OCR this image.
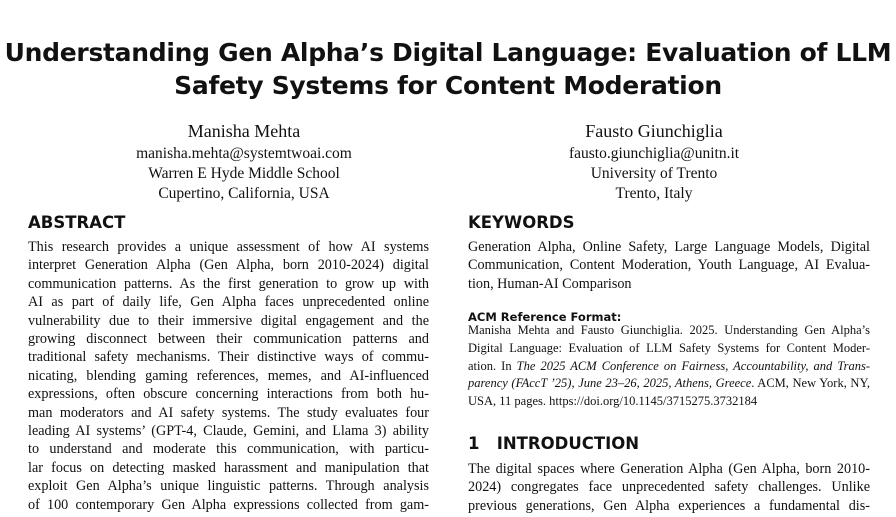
Understanding Gen Alpha’s Digital Language: Evaluation of LLM
Safety Systems for Content Moderation
Manisha Mehta
manisha.mehta@systemtwoai.com
Warren E Hyde Middle School
Cupertino, California, USA
Fausto Giunchiglia
fausto.giunchiglia@unitn.it
University of Trento
Trento, Italy
ABSTRACT
This research provides a unique assessment of how AI systems
interpret Generation Alpha (Gen Alpha, born 2010-2024) digital
communication patterns. As the first generation to grow up with
AI as part of daily life, Gen Alpha faces unprecedented online
vulnerability due to their immersive digital engagement and the
growing disconnect between their communication patterns and
traditional safety mechanisms. Their distinctive ways of commu-
nicating, blending gaming references, memes, and AI-influenced
expressions, often obscure concerning interactions from both hu-
man moderators and AI safety systems. The study evaluates four
leading AI systems’ (GPT-4, Claude, Gemini, and Llama 3) ability
to understand and moderate this communication, with particu-
lar focus on detecting masked harassment and manipulation that
exploit Gen Alpha’s unique linguistic patterns. Through analysis
of 100 contemporary Gen Alpha expressions collected from gam-
KEYWORDS
Generation Alpha, Online Safety, Large Language Models, Digital
Communication, Content Moderation, Youth Language, AI Evalua-
tion, Human-AI Comparison
ACM Reference Format:
Manisha Mehta and Fausto Giunchiglia. 2025. Understanding Gen Alpha’s
Digital Language: Evaluation of LLM Safety Systems for Content Moder-
ation. In The 2025 ACM Conference on Fairness, Accountability, and Trans-
parency (FAccT ’25), June 23–26, 2025, Athens, Greece. ACM, New York, NY,
USA, 11 pages. https://doi.org/10.1145/3715275.3732184
1   INTRODUCTION
The digital spaces where Generation Alpha (Gen Alpha, born 2010-
2024) congregates face unprecedented safety challenges. Unlike
previous generations, Gen Alpha experiences a fundamental dis-
